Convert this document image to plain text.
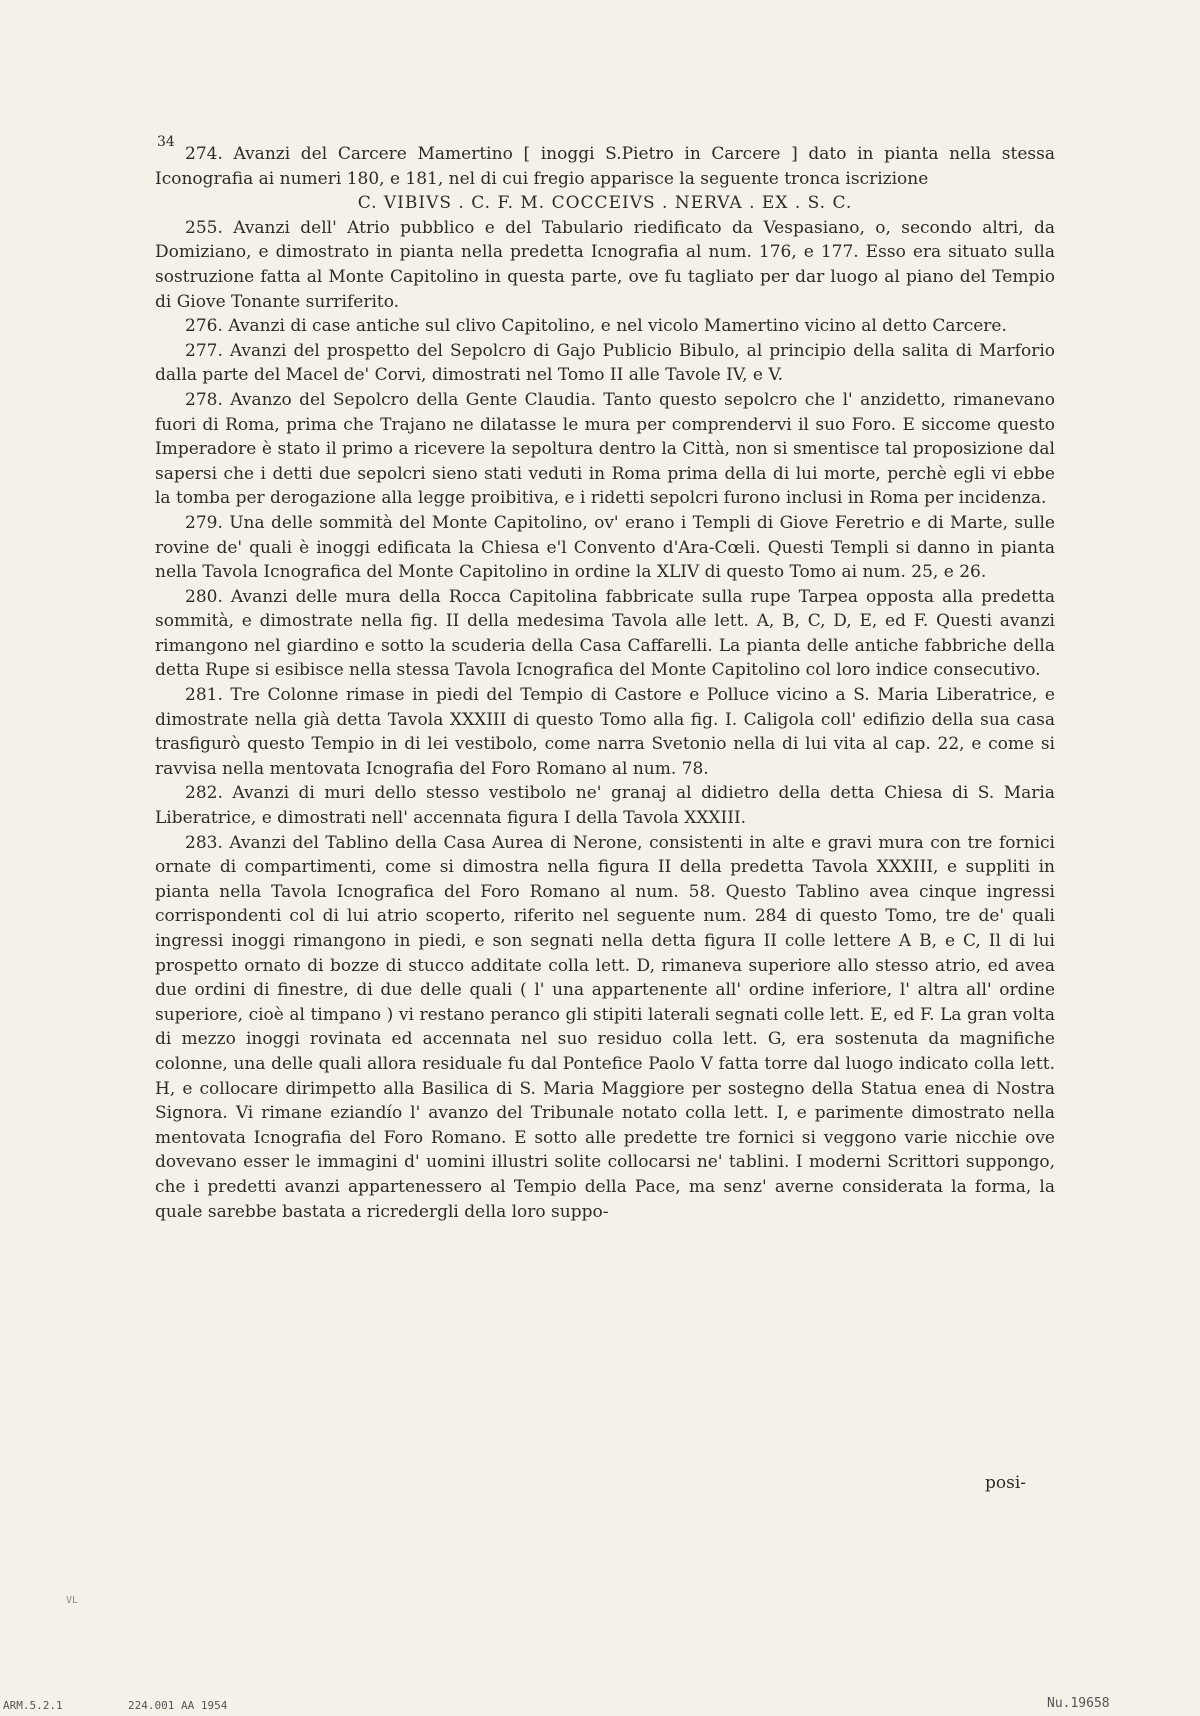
34

274. Avanzi del Carcere Mamertino [ inoggi S.Pietro in Carcere ] dato in pianta nella stessa Iconografia ai numeri 180, e 181, nel di cui fregio apparisce la seguente tronca iscrizione

C. VIBIVS . C. F. M. COCCEIVS . NERVA . EX . S. C.

255. Avanzi dell' Atrio pubblico e del Tabulario riedificato da Vespasiano, o, secondo altri, da Domiziano, e dimostrato in pianta nella predetta Icnografia al num. 176, e 177. Esso era situato sulla sostruzione fatta al Monte Capitolino in questa parte, ove fu tagliato per dar luogo al piano del Tempio di Giove Tonante surriferito.

276. Avanzi di case antiche sul clivo Capitolino, e nel vicolo Mamertino vicino al detto Carcere.

277. Avanzi del prospetto del Sepolcro di Gajo Publicio Bibulo, al principio della salita di Marforio dalla parte del Macel de' Corvi, dimostrati nel Tomo II alle Tavole IV, e V.

278. Avanzo del Sepolcro della Gente Claudia. Tanto questo sepolcro che l' anzidetto, rimanevano fuori di Roma, prima che Trajano ne dilatasse le mura per comprendervi il suo Foro. E siccome questo Imperadore è stato il primo a ricevere la sepoltura dentro la Città, non si smentisce tal proposizione dal sapersi che i detti due sepolcri sieno stati veduti in Roma prima della di lui morte, perchè egli vi ebbe la tomba per derogazione alla legge proibitiva, e i ridetti sepolcri furono inclusi in Roma per incidenza.

279. Una delle sommità del Monte Capitolino, ov' erano i Templi di Giove Feretrio e di Marte, sulle rovine de' quali è inoggi edificata la Chiesa e'l Convento d'Ara-Cœli. Questi Templi si danno in pianta nella Tavola Icnografica del Monte Capitolino in ordine la XLIV di questo Tomo ai num. 25, e 26.

280. Avanzi delle mura della Rocca Capitolina fabbricate sulla rupe Tarpea opposta alla predetta sommità, e dimostrate nella fig. II della medesima Tavola alle lett. A, B, C, D, E, ed F. Questi avanzi rimangono nel giardino e sotto la scuderia della Casa Caffarelli. La pianta delle antiche fabbriche della detta Rupe si esibisce nella stessa Tavola Icnografica del Monte Capitolino col loro indice consecutivo.

281. Tre Colonne rimase in piedi del Tempio di Castore e Polluce vicino a S. Maria Liberatrice, e dimostrate nella già detta Tavola XXXIII di questo Tomo alla fig. I. Caligola coll' edifizio della sua casa trasfigurò questo Tempio in di lei vestibolo, come narra Svetonio nella di lui vita al cap. 22, e come si ravvisa nella mentovata Icnografia del Foro Romano al num. 78.

282. Avanzi di muri dello stesso vestibolo ne' granaj al didietro della detta Chiesa di S. Maria Liberatrice, e dimostrati nell' accennata figura I della Tavola XXXIII.

283. Avanzi del Tablino della Casa Aurea di Nerone, consistenti in alte e gravi mura con tre fornici ornate di compartimenti, come si dimostra nella figura II della predetta Tavola XXXIII, e suppliti in pianta nella Tavola Icnografica del Foro Romano al num. 58. Questo Tablino avea cinque ingressi corrispondenti col di lui atrio scoperto, riferito nel seguente num. 284 di questo Tomo, tre de' quali ingressi inoggi rimangono in piedi, e son segnati nella detta figura II colle lettere A B, e C, Il di lui prospetto ornato di bozze di stucco additate colla lett. D, rimaneva superiore allo stesso atrio, ed avea due ordini di finestre, di due delle quali ( l' una appartenente all' ordine inferiore, l' altra all' ordine superiore, cioè al timpano ) vi restano peranco gli stipiti laterali segnati colle lett. E, ed F. La gran volta di mezzo inoggi rovinata ed accennata nel suo residuo colla lett. G, era sostenuta da magnifiche colonne, una delle quali allora residuale fu dal Pontefice Paolo V fatta torre dal luogo indicato colla lett. H, e collocare dirimpetto alla Basilica di S. Maria Maggiore per sostegno della Statua enea di Nostra Signora. Vi rimane eziandío l' avanzo del Tribunale notato colla lett. I, e parimente dimostrato nella mentovata Icnografia del Foro Romano. E sotto alle predette tre fornici si veggono varie nicchie ove dovevano esser le immagini d' uomini illustri solite collocarsi ne' tablini. I moderni Scrittori suppongo, che i predetti avanzi appartenessero al Tempio della Pace, ma senz' averne considerata la forma, la quale sarebbe bastata a ricredergli della loro suppo-

posi-
VL
ARM.5.2.1	224.001 AA 1954	Nu.19658
